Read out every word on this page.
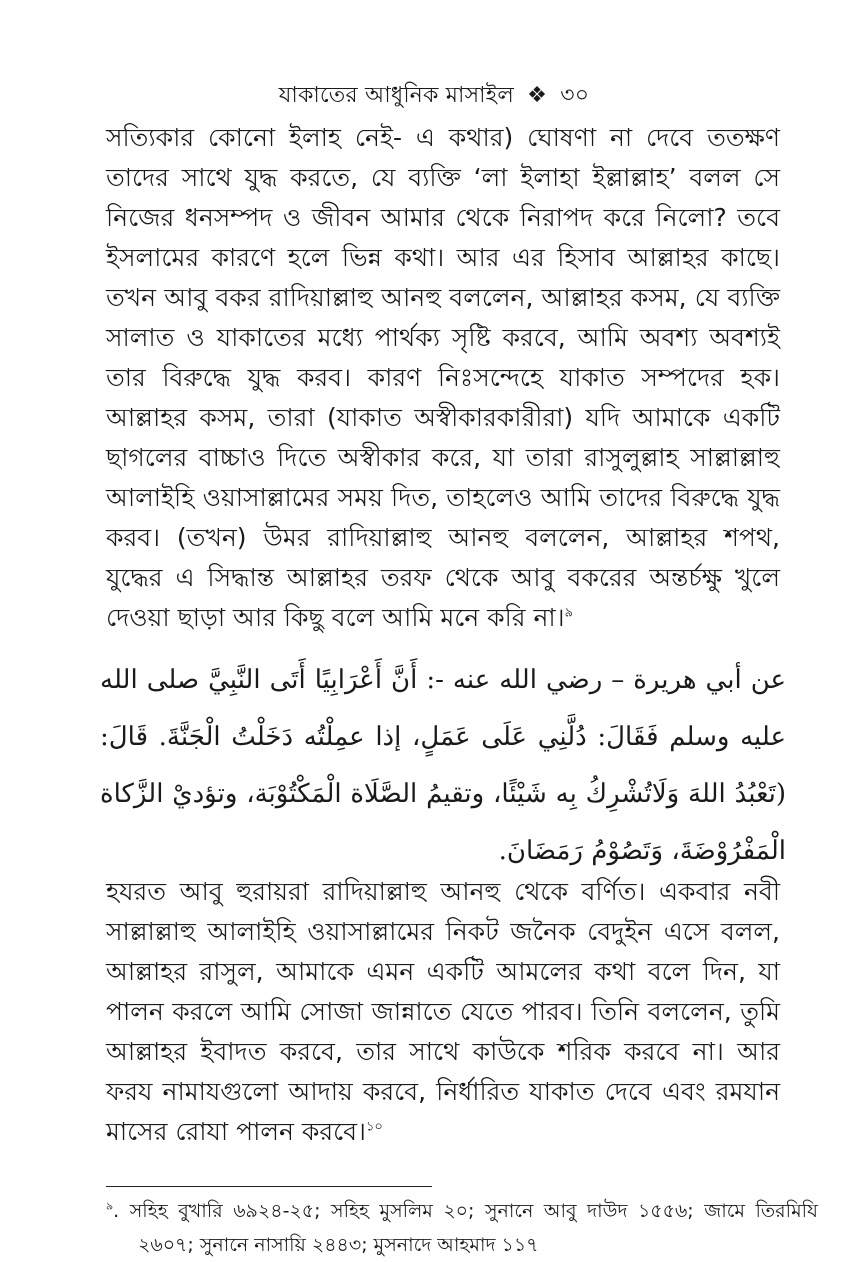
যাকাতের আধুনিক মাসাইল ❖ ৩০
সত্যিকার কোনো ইলাহ নেই- এ কথার) ঘোষণা না দেবে ততক্ষণ তাদের সাথে যুদ্ধ করতে, যে ব্যক্তি ‘লা ইলাহা ইল্লাল্লাহ’ বলল সে নিজের ধনসম্পদ ও জীবন আমার থেকে নিরাপদ করে নিলো? তবে ইসলামের কারণে হলে ভিন্ন কথা। আর এর হিসাব আল্লাহর কাছে। তখন আবু বকর রাদিয়াল্লাহু আনহু বললেন, আল্লাহর কসম, যে ব্যক্তি সালাত ও যাকাতের মধ্যে পার্থক্য সৃষ্টি করবে, আমি অবশ্য অবশ্যই তার বিরুদ্ধে যুদ্ধ করব। কারণ নিঃসন্দেহে যাকাত সম্পদের হক। আল্লাহর কসম, তারা (যাকাত অস্বীকারকারীরা) যদি আমাকে একটি ছাগলের বাচ্চাও দিতে অস্বীকার করে, যা তারা রাসুলুল্লাহ সাল্লাল্লাহু আলাইহি ওয়াসাল্লামের সময় দিত, তাহলেও আমি তাদের বিরুদ্ধে যুদ্ধ করব। (তখন) উমর রাদিয়াল্লাহু আনহু বললেন, আল্লাহর শপথ, যুদ্ধের এ সিদ্ধান্ত আল্লাহর তরফ থেকে আবু বকরের অন্তর্চক্ষু খুলে দেওয়া ছাড়া আর কিছু বলে আমি মনে করি না।$^৯$
عن أبي هريرة – رضي الله عنه -: أَنَّ أَعْرَابِيًا أَتَى النَّبِيَّ صلى الله عليه وسلم فَقَالَ: دُلَّنِي عَلَى عَمَلٍ، إذا عمِلْتُه دَخَلْتُ الْجَنَّةَ. قَالَ: (تَعْبُدُ اللهَ وَلَاتُشْرِكُ بِه شَيْئًا، وتقيمُ الصَّلَاة الْمَكْتُوْبَة، وتؤديْ الزَّكاة الْمَفْرُوْضَةَ، وَتَصُوْمُ رَمَضَانَ.
হযরত আবু হুরায়রা রাদিয়াল্লাহু আনহু থেকে বর্ণিত। একবার নবী সাল্লাল্লাহু আলাইহি ওয়াসাল্লামের নিকট জনৈক বেদুইন এসে বলল, আল্লাহর রাসুল, আমাকে এমন একটি আমলের কথা বলে দিন, যা পালন করলে আমি সোজা জান্নাতে যেতে পারব। তিনি বললেন, তুমি আল্লাহর ইবাদত করবে, তার সাথে কাউকে শরিক করবে না। আর ফরয নামাযগুলো আদায় করবে, নির্ধারিত যাকাত দেবে এবং রমযান মাসের রোযা পালন করবে।$^{১০}$
$^৯$. সহিহ বুখারি ৬৯২৪-২৫; সহিহ মুসলিম ২০; সুনানে আবু দাউদ ১৫৫৬; জামে তিরমিযি ২৬০৭; সুনানে নাসায়ি ২৪৪৩; মুসনাদে আহমাদ ১১৭
